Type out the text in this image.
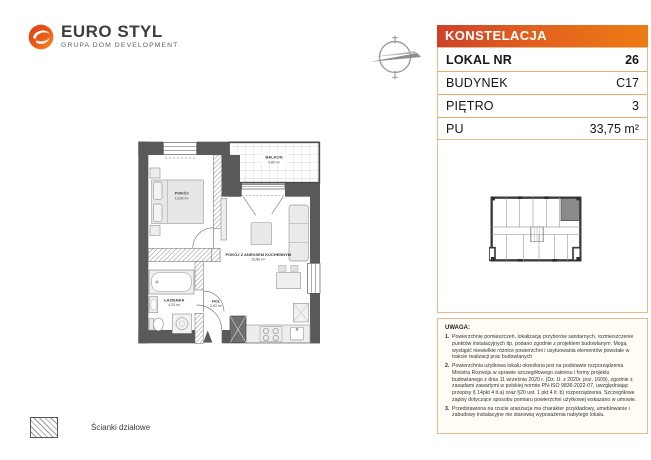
EURO STYL
GRUPA DOM DEVELOPMENT
POKÓJ
10,06 m²
BALKON
4,80 m²
POKÓJ Z ANEKSEM KUCHENNYM
16,86 m²
ŁAZIENKA
4,20 m²
HOL
2,63 m²
KONSTELACJA
LOKAL NR	26
BUDYNEK	C17
PIĘTRO	3
PU	33,75 m²
UWAGA:
1. Powierzchnię pomieszczeń, lokalizację przyborów sanitarnych, rozmieszczenie punktów instalacyjnych itp. podano zgodnie z projektem budowlanym. Mogą wystąpić niewielkie różnice powierzchni i usytuowania elementów powstałe w trakcie realizacji prac budowlanych
2. Powierzchnia użytkowa lokalu określona jest na podstawie rozporządzenia Ministra Rozwoju w sprawie szczegółowego zakresu i formy projektu budowlanego z dnia 11 września 2020 r. (Dz. U. z 2020r. poz. 1609), zgodnie z zasadami zawartymi w polskiej normie PN-ISO 9836:2022-07, uwzględniając przepisy § 14pkt 4 lt.a) oraz §20 ust. 1 pkt 4 lt. b) rozporządzenia. Szczegółowe zapisy dotyczące sposobu pomiaru powierzchni użytkowej wskazano w umowie.
3. Przedstawiona na rzucie aranżacja ma charakter przykładowy, umeblowanie i zabudowy instalacyjne nie stanowią wyposażenia nabytego lokalu.
Ścianki działowe
